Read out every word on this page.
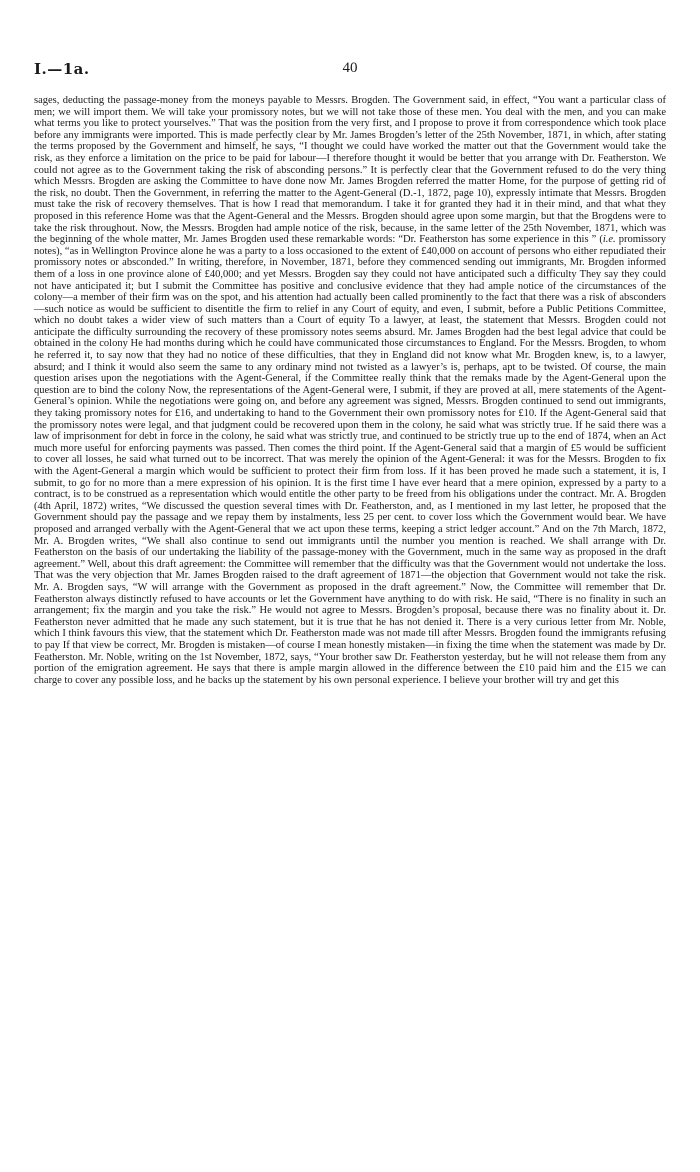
I.—1a.	40

sages, deducting the passage-money from the moneys payable to Messrs. Brogden. The Government said, in effect, “You want a particular class of men; we will import them. We will take your promissory notes, but we will not take those of these men. You deal with the men, and you can make what terms you like to protect yourselves.” That was the position from the very first, and I propose to prove it from correspondence which took place before any immigrants were imported. This is made perfectly clear by Mr. James Brogden’s letter of the 25th November, 1871, in which, after stating the terms proposed by the Government and himself, he says, “I thought we could have worked the matter out that the Government would take the risk, as they enforce a limitation on the price to be paid for labour—I therefore thought it would be better that you arrange with Dr. Featherston. We could not agree as to the Government taking the risk of absconding persons.” It is perfectly clear that the Government refused to do the very thing which Messrs. Brogden are asking the Committee to have done now Mr. James Brogden referred the matter Home, for the purpose of getting rid of the risk, no doubt. Then the Government, in referring the matter to the Agent-General (D.-1, 1872, page 10), expressly intimate that Messrs. Brogden must take the risk of recovery themselves. That is how I read that memorandum. I take it for granted they had it in their mind, and that what they proposed in this reference Home was that the Agent-General and the Messrs. Brogden should agree upon some margin, but that the Brogdens were to take the risk throughout. Now, the Messrs. Brogden had ample notice of the risk, because, in the same letter of the 25th November, 1871, which was the beginning of the whole matter, Mr. James Brogden used these remarkable words: “Dr. Featherston has some experience in this ” (i.e. promissory notes), “as in Wellington Province alone he was a party to a loss occasioned to the extent of £40,000 on account of persons who either repudiated their promissory notes or absconded.” In writing, therefore, in November, 1871, before they commenced sending out immigrants, Mr. Brogden informed them of a loss in one province alone of £40,000; and yet Messrs. Brogden say they could not have anticipated such a difficulty They say they could not have anticipated it; but I submit the Committee has positive and conclusive evidence that they had ample notice of the circumstances of the colony—a member of their firm was on the spot, and his attention had actually been called prominently to the fact that there was a risk of absconders—such notice as would be sufficient to disentitle the firm to relief in any Court of equity, and even, I submit, before a Public Petitions Committee, which no doubt takes a wider view of such matters than a Court of equity To a lawyer, at least, the statement that Messrs. Brogden could not anticipate the difficulty surrounding the recovery of these promissory notes seems absurd. Mr. James Brogden had the best legal advice that could be obtained in the colony He had months during which he could have communicated those circumstances to England. For the Messrs. Brogden, to whom he referred it, to say now that they had no notice of these difficulties, that they in England did not know what Mr. Brogden knew, is, to a lawyer, absurd; and I think it would also seem the same to any ordinary mind not twisted as a lawyer’s is, perhaps, apt to be twisted. Of course, the main question arises upon the negotiations with the Agent-General, if the Committee really think that the remaks made by the Agent-General upon the question are to bind the colony Now, the representations of the Agent-General were, I submit, if they are proved at all, mere statements of the Agent-General’s opinion. While the negotiations were going on, and before any agreement was signed, Messrs. Brogden continued to send out immigrants, they taking promissory notes for £16, and undertaking to hand to the Government their own promissory notes for £10. If the Agent-General said that the promissory notes were legal, and that judgment could be recovered upon them in the colony, he said what was strictly true. If he said there was a law of imprisonment for debt in force in the colony, he said what was strictly true, and continued to be strictly true up to the end of 1874, when an Act much more useful for enforcing payments was passed. Then comes the third point. If the Agent-General said that a margin of £5 would be sufficient to cover all losses, he said what turned out to be incorrect. That was merely the opinion of the Agent-General: it was for the Messrs. Brogden to fix with the Agent-General a margin which would be sufficient to protect their firm from loss. If it has been proved he made such a statement, it is, I submit, to go for no more than a mere expression of his opinion. It is the first time I have ever heard that a mere opinion, expressed by a party to a contract, is to be construed as a representation which would entitle the other party to be freed from his obligations under the contract. Mr. A. Brogden (4th April, 1872) writes, “We discussed the question several times with Dr. Featherston, and, as I mentioned in my last letter, he proposed that the Government should pay the passage and we repay them by instalments, less 25 per cent. to cover loss which the Government would bear. We have proposed and arranged verbally with the Agent-General that we act upon these terms, keeping a strict ledger account.” And on the 7th March, 1872, Mr. A. Brogden writes, “We shall also continue to send out immigrants until the number you mention is reached. We shall arrange with Dr. Featherston on the basis of our undertaking the liability of the passage-money with the Government, much in the same way as proposed in the draft agreement.” Well, about this draft agreement: the Committee will remember that the difficulty was that the Government would not undertake the loss. That was the very objection that Mr. James Brogden raised to the draft agreement of 1871—the objection that Government would not take the risk. Mr. A. Brogden says, “W will arrange with the Government as proposed in the draft agreement.” Now, the Committee will remember that Dr. Featherston always distinctly refused to have accounts or let the Government have anything to do with risk. He said, “There is no finality in such an arrangement; fix the margin and you take the risk.” He would not agree to Messrs. Brogden’s proposal, because there was no finality about it. Dr. Featherston never admitted that he made any such statement, but it is true that he has not denied it. There is a very curious letter from Mr. Noble, which I think favours this view, that the statement which Dr. Featherston made was not made till after Messrs. Brogden found the immigrants refusing to pay If that view be correct, Mr. Brogden is mistaken—of course I mean honestly mistaken—in fixing the time when the statement was made by Dr. Featherston. Mr. Noble, writing on the 1st November, 1872, says, “Your brother saw Dr. Featherston yesterday, but he will not release them from any portion of the emigration agreement. He says that there is ample margin allowed in the difference between the £10 paid him and the £15 we can charge to cover any possible loss, and he backs up the statement by his own personal experience. I believe your brother will try and get this
